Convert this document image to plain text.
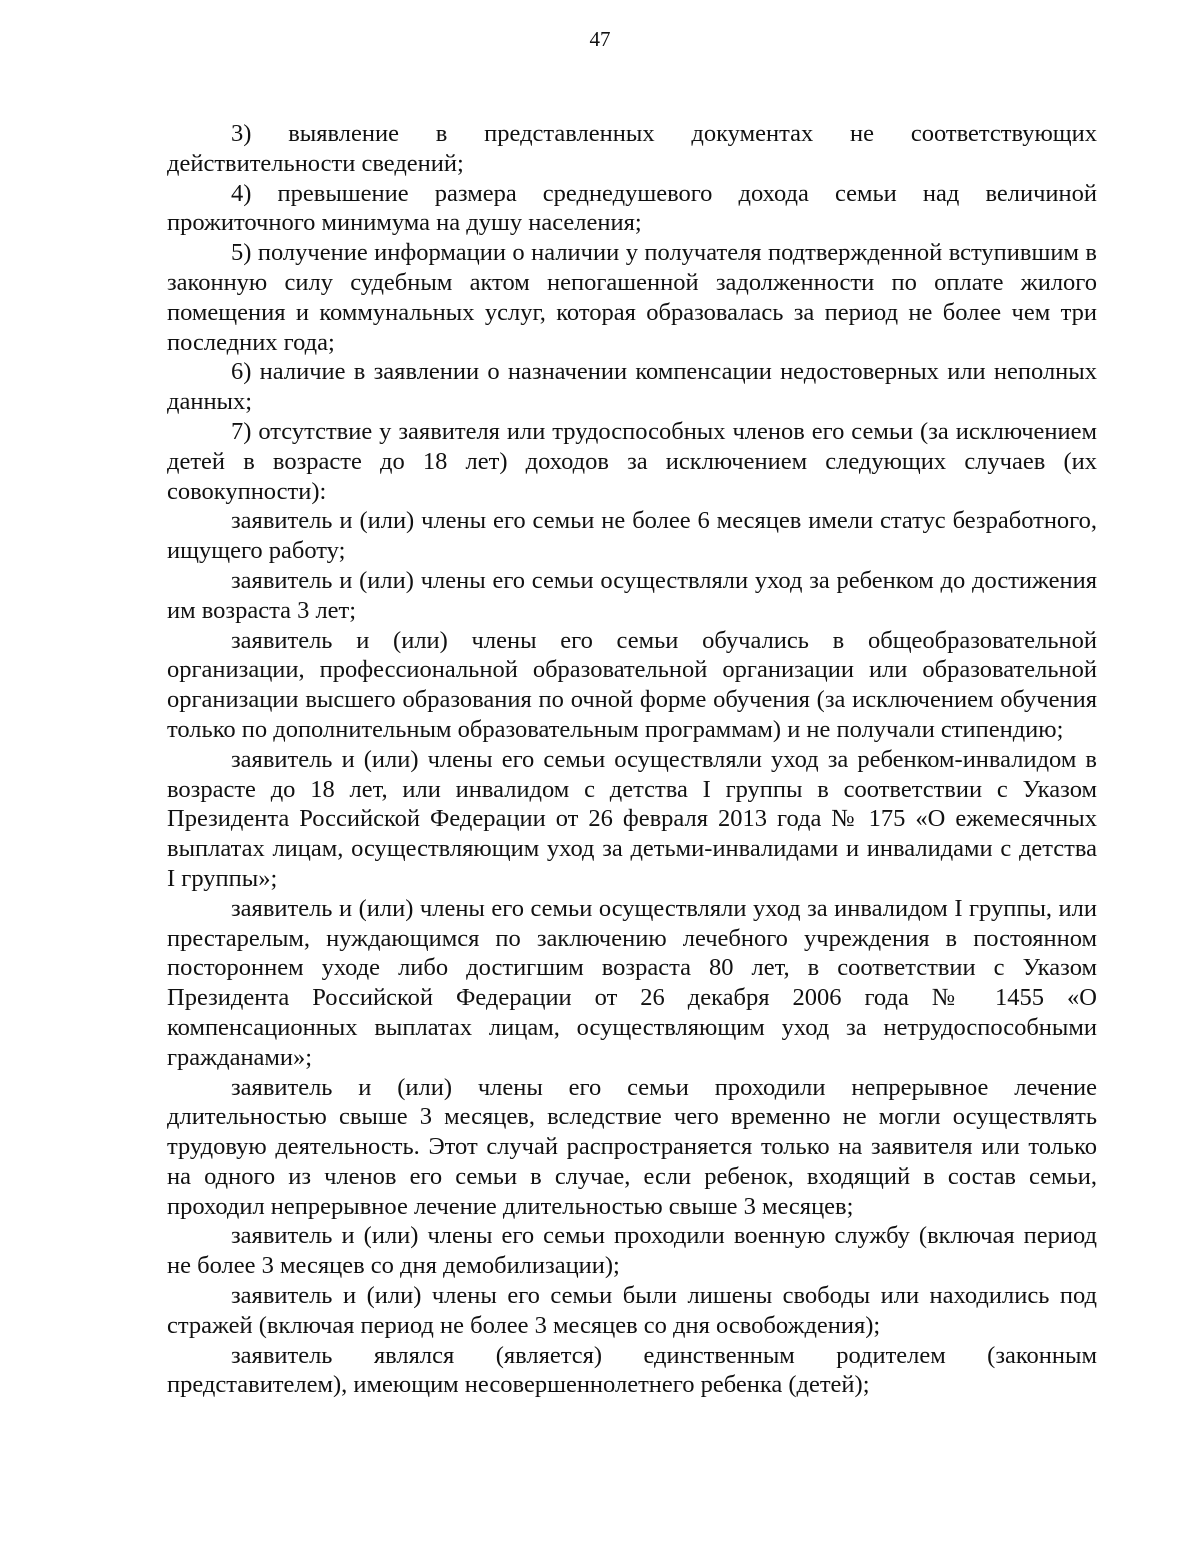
47

3) выявление в представленных документах не соответствующих действительности сведений;

4) превышение размера среднедушевого дохода семьи над величиной прожиточного минимума на душу населения;

5) получение информации о наличии у получателя подтвержденной вступившим в законную силу судебным актом непогашенной задолженности по оплате жилого помещения и коммунальных услуг, которая образовалась за период не более чем три последних года;

6) наличие в заявлении о назначении компенсации недостоверных или неполных данных;

7) отсутствие у заявителя или трудоспособных членов его семьи (за исключением детей в возрасте до 18 лет) доходов за исключением следующих случаев (их совокупности):

заявитель и (или) члены его семьи не более 6 месяцев имели статус безработного, ищущего работу;

заявитель и (или) члены его семьи осуществляли уход за ребенком до достижения им возраста 3 лет;

заявитель и (или) члены его семьи обучались в общеобразовательной организации, профессиональной образовательной организации или образовательной организации высшего образования по очной форме обучения (за исключением обучения только по дополнительным образовательным программам) и не получали стипендию;

заявитель и (или) члены его семьи осуществляли уход за ребенком-инвалидом в возрасте до 18 лет, или инвалидом с детства I группы в соответствии с Указом Президента Российской Федерации от 26 февраля 2013 года № 175 «О ежемесячных выплатах лицам, осуществляющим уход за детьми-инвалидами и инвалидами с детства I группы»;

заявитель и (или) члены его семьи осуществляли уход за инвалидом I группы, или престарелым, нуждающимся по заключению лечебного учреждения в постоянном постороннем уходе либо достигшим возраста 80 лет, в соответствии с Указом Президента Российской Федерации от 26 декабря 2006 года № 1455 «О компенсационных выплатах лицам, осуществляющим уход за нетрудоспособными гражданами»;

заявитель и (или) члены его семьи проходили непрерывное лечение длительностью свыше 3 месяцев, вследствие чего временно не могли осуществлять трудовую деятельность. Этот случай распространяется только на заявителя или только на одного из членов его семьи в случае, если ребенок, входящий в состав семьи, проходил непрерывное лечение длительностью свыше 3 месяцев;

заявитель и (или) члены его семьи проходили военную службу (включая период не более 3 месяцев со дня демобилизации);

заявитель и (или) члены его семьи были лишены свободы или находились под стражей (включая период не более 3 месяцев со дня освобождения);

заявитель являлся (является) единственным родителем (законным представителем), имеющим несовершеннолетнего ребенка (детей);
